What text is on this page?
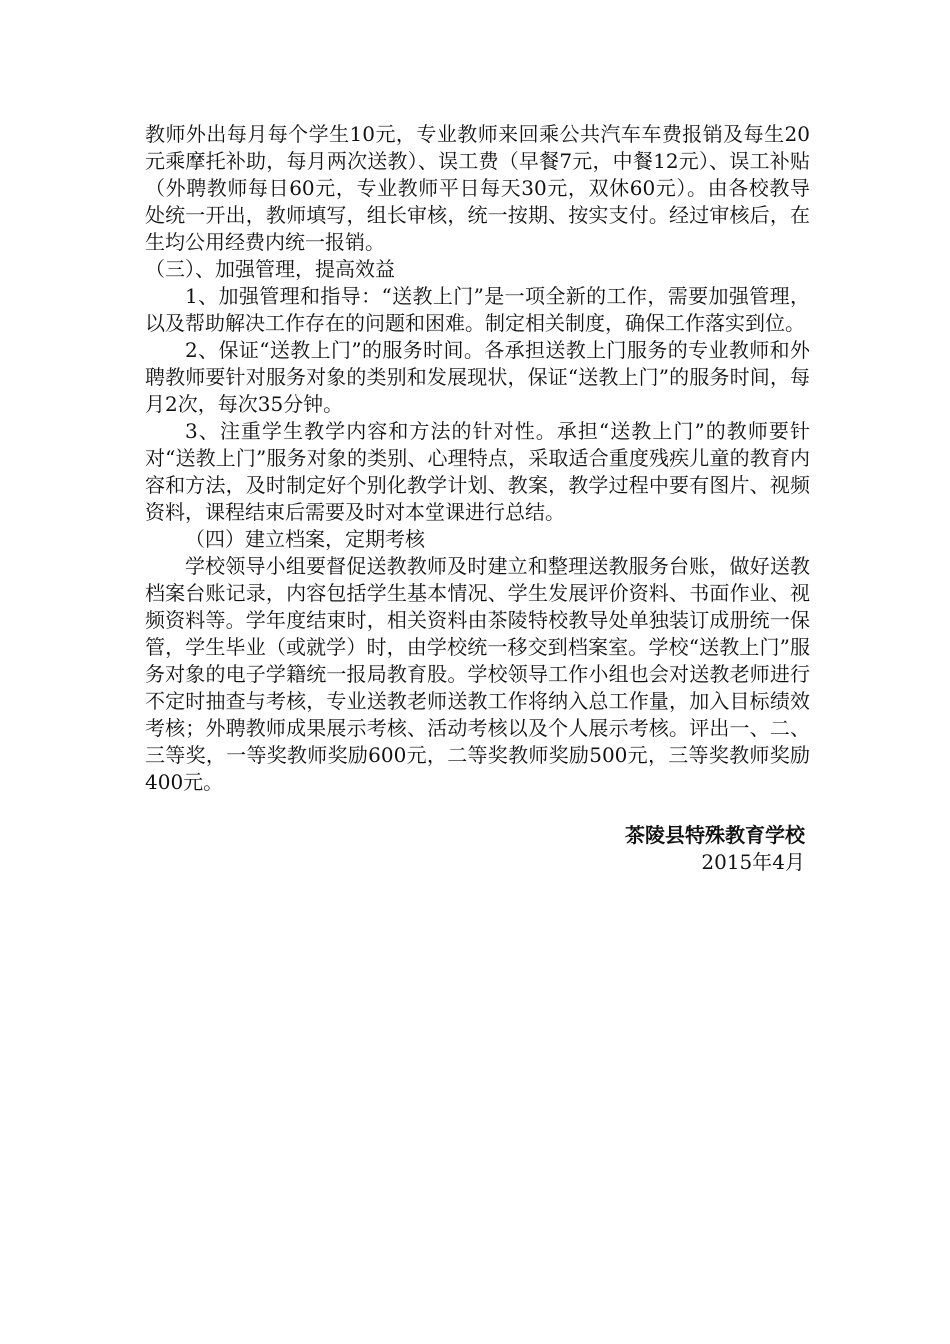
教师外出每月每个学生10元，专业教师来回乘公共汽车车费报销及每生20元乘摩托补助，每月两次送教）、误工费（早餐7元，中餐12元）、误工补贴（外聘教师每日60元，专业教师平日每天30元，双休60元）。由各校教导处统一开出，教师填写，组长审核，统一按期、按实支付。经过审核后，在生均公用经费内统一报销。

（三）、加强管理，提高效益

1、加强管理和指导：“送教上门”是一项全新的工作，需要加强管理，以及帮助解决工作存在的问题和困难。制定相关制度，确保工作落实到位。

2、保证“送教上门”的服务时间。各承担送教上门服务的专业教师和外聘教师要针对服务对象的类别和发展现状，保证“送教上门”的服务时间，每月2次，每次35分钟。

3、注重学生教学内容和方法的针对性。承担“送教上门”的教师要针对“送教上门”服务对象的类别、心理特点，采取适合重度残疾儿童的教育内容和方法，及时制定好个别化教学计划、教案，教学过程中要有图片、视频资料，课程结束后需要及时对本堂课进行总结。

（四）建立档案，定期考核

学校领导小组要督促送教教师及时建立和整理送教服务台账，做好送教档案台账记录，内容包括学生基本情况、学生发展评价资料、书面作业、视频资料等。学年度结束时，相关资料由茶陵特校教导处单独装订成册统一保管，学生毕业（或就学）时，由学校统一移交到档案室。学校“送教上门”服务对象的电子学籍统一报局教育股。学校领导工作小组也会对送教老师进行不定时抽查与考核，专业送教老师送教工作将纳入总工作量，加入目标绩效考核；外聘教师成果展示考核、活动考核以及个人展示考核。评出一、二、三等奖，一等奖教师奖励600元，二等奖教师奖励500元，三等奖教师奖励400元。

茶陵县特殊教育学校
2015年4月
